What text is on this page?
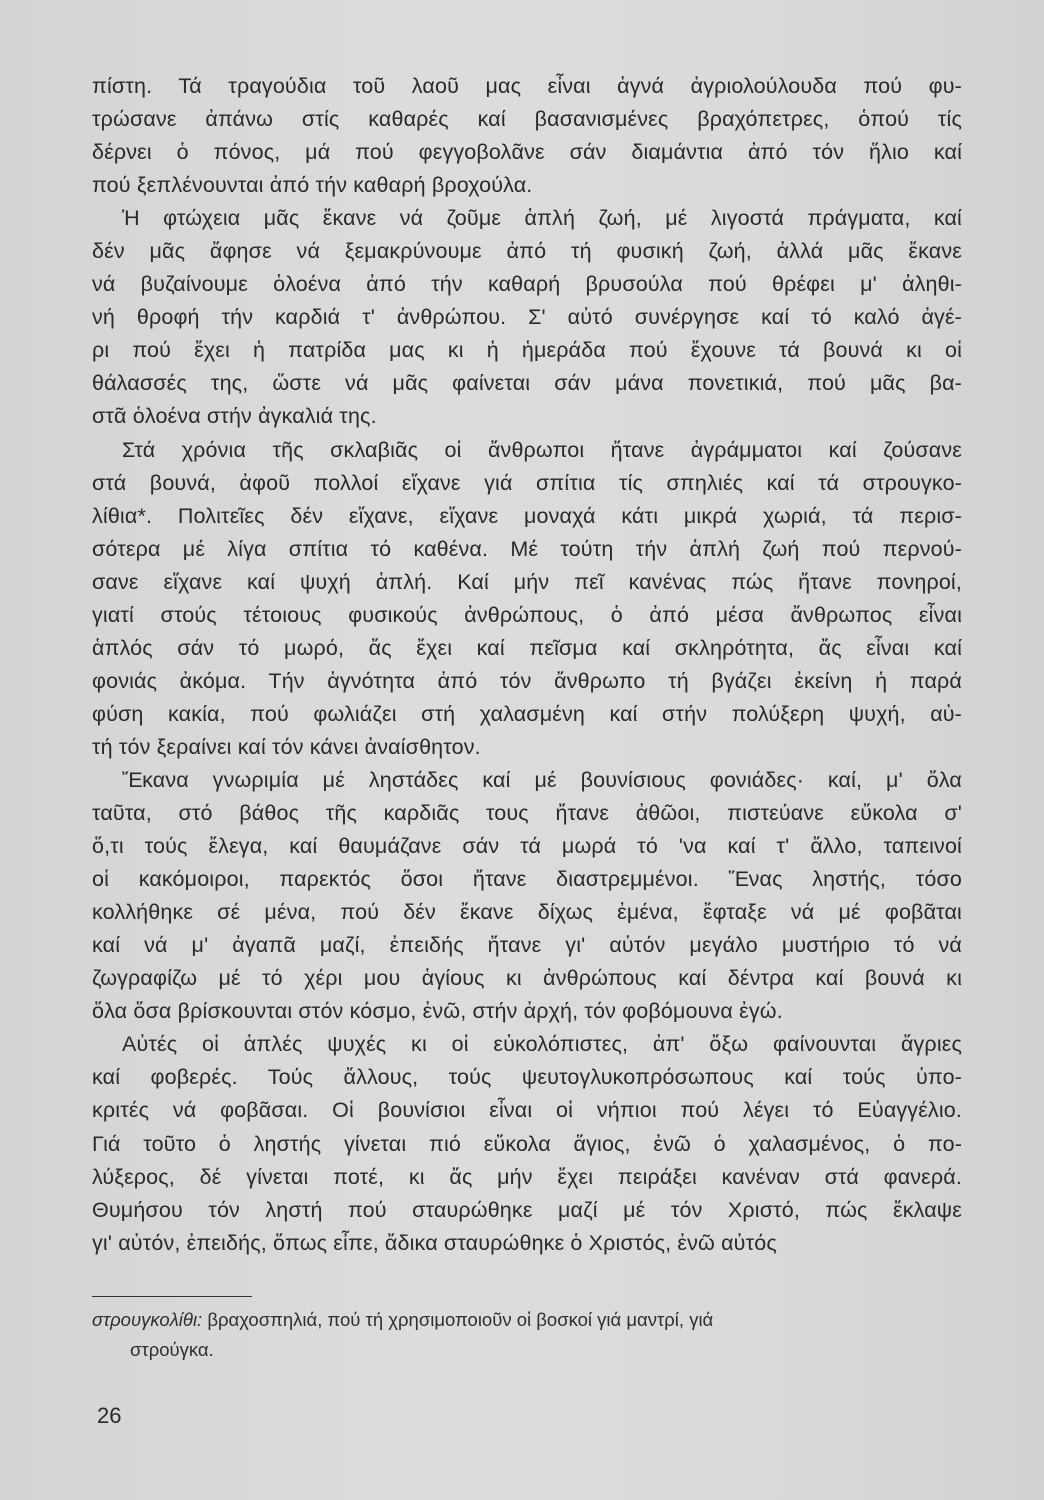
πίστη. Τά τραγούδια τοῦ λαοῦ μας εἶναι ἁγνά ἀγριολούλουδα πού φυ-
τρώσανε ἀπάνω στίς καθαρές καί βασανισμένες βραχόπετρες, ὁπού τίς
δέρνει ὁ πόνος, μά πού φεγγοβολᾶνε σάν διαμάντια ἀπό τόν ἥλιο καί
πού ξεπλένουνται ἀπό τήν καθαρή βροχούλα.
Ἡ φτώχεια μᾶς ἔκανε νά ζοῦμε ἁπλή ζωή, μέ λιγοστά πράγματα, καί
δέν μᾶς ἄφησε νά ξεμακρύνουμε ἀπό τή φυσική ζωή, ἀλλά μᾶς ἔκανε
νά βυζαίνουμε ὁλοένα ἀπό τήν καθαρή βρυσούλα πού θρέφει μ' ἀληθι-
νή θροφή τήν καρδιά τ' ἀνθρώπου. Σ' αὐτό συνέργησε καί τό καλό ἀγέ-
ρι πού ἔχει ἡ πατρίδα μας κι ἡ ἡμεράδα πού ἔχουνε τά βουνά κι οἱ
θάλασσές της, ὥστε νά μᾶς φαίνεται σάν μάνα πονετικιά, πού μᾶς βα-
στᾶ ὁλοένα στήν ἀγκαλιά της.
Στά χρόνια τῆς σκλαβιᾶς οἱ ἄνθρωποι ἤτανε ἀγράμματοι καί ζούσανε
στά βουνά, ἀφοῦ πολλοί εἴχανε γιά σπίτια τίς σπηλιές καί τά στρουγκο-
λίθια*. Πολιτεῖες δέν εἴχανε, εἴχανε μοναχά κάτι μικρά χωριά, τά περισ-
σότερα μέ λίγα σπίτια τό καθένα. Μέ τούτη τήν ἁπλή ζωή πού περνού-
σανε εἴχανε καί ψυχή ἁπλή. Καί μήν πεῖ κανένας πώς ἤτανε πονηροί,
γιατί στούς τέτοιους φυσικούς ἀνθρώπους, ὁ ἀπό μέσα ἄνθρωπος εἶναι
ἁπλός σάν τό μωρό, ἄς ἔχει καί πεῖσμα καί σκληρότητα, ἄς εἶναι καί
φονιάς ἀκόμα. Τήν ἁγνότητα ἀπό τόν ἄνθρωπο τή βγάζει ἐκείνη ἡ παρά
φύση κακία, πού φωλιάζει στή χαλασμένη καί στήν πολύξερη ψυχή, αὐ-
τή τόν ξεραίνει καί τόν κάνει ἀναίσθητον.
Ἔκανα γνωριμία μέ ληστάδες καί μέ βουνίσιους φονιάδες· καί, μ' ὅλα
ταῦτα, στό βάθος τῆς καρδιᾶς τους ἤτανε ἀθῶοι, πιστεύανε εὔκολα σ'
ὅ,τι τούς ἔλεγα, καί θαυμάζανε σάν τά μωρά τό 'να καί τ' ἄλλο, ταπεινοί
οἱ κακόμοιροι, παρεκτός ὅσοι ἤτανε διαστρεμμένοι. Ἕνας ληστής, τόσο
κολλήθηκε σέ μένα, πού δέν ἔκανε δίχως ἐμένα, ἔφταξε νά μέ φοβᾶται
καί νά μ' ἀγαπᾶ μαζί, ἐπειδής ἤτανε γι' αὐτόν μεγάλο μυστήριο τό νά
ζωγραφίζω μέ τό χέρι μου ἁγίους κι ἀνθρώπους καί δέντρα καί βουνά κι
ὅλα ὅσα βρίσκουνται στόν κόσμο, ἐνῶ, στήν ἀρχή, τόν φοβόμουνα ἐγώ.
Αὐτές οἱ ἁπλές ψυχές κι οἱ εὐκολόπιστες, ἀπ' ὄξω φαίνουνται ἄγριες
καί φοβερές. Τούς ἄλλους, τούς ψευτογλυκοπρόσωπους καί τούς ὑπο-
κριτές νά φοβᾶσαι. Οἱ βουνίσιοι εἶναι οἱ νήπιοι πού λέγει τό Εὐαγγέλιο.
Γιά τοῦτο ὁ ληστής γίνεται πιό εὔκολα ἅγιος, ἐνῶ ὁ χαλασμένος, ὁ πο-
λύξερος, δέ γίνεται ποτέ, κι ἄς μήν ἔχει πειράξει κανέναν στά φανερά.
Θυμήσου τόν ληστή πού σταυρώθηκε μαζί μέ τόν Χριστό, πώς ἔκλαψε
γι' αὐτόν, ἐπειδής, ὅπως εἶπε, ἄδικα σταυρώθηκε ὁ Χριστός, ἐνῶ αὐτός
στρουγκολίθι: βραχοσπηλιά, πού τή χρησιμοποιοῦν οἱ βοσκοί γιά μαντρί, γιά
στρούγκα.
26
